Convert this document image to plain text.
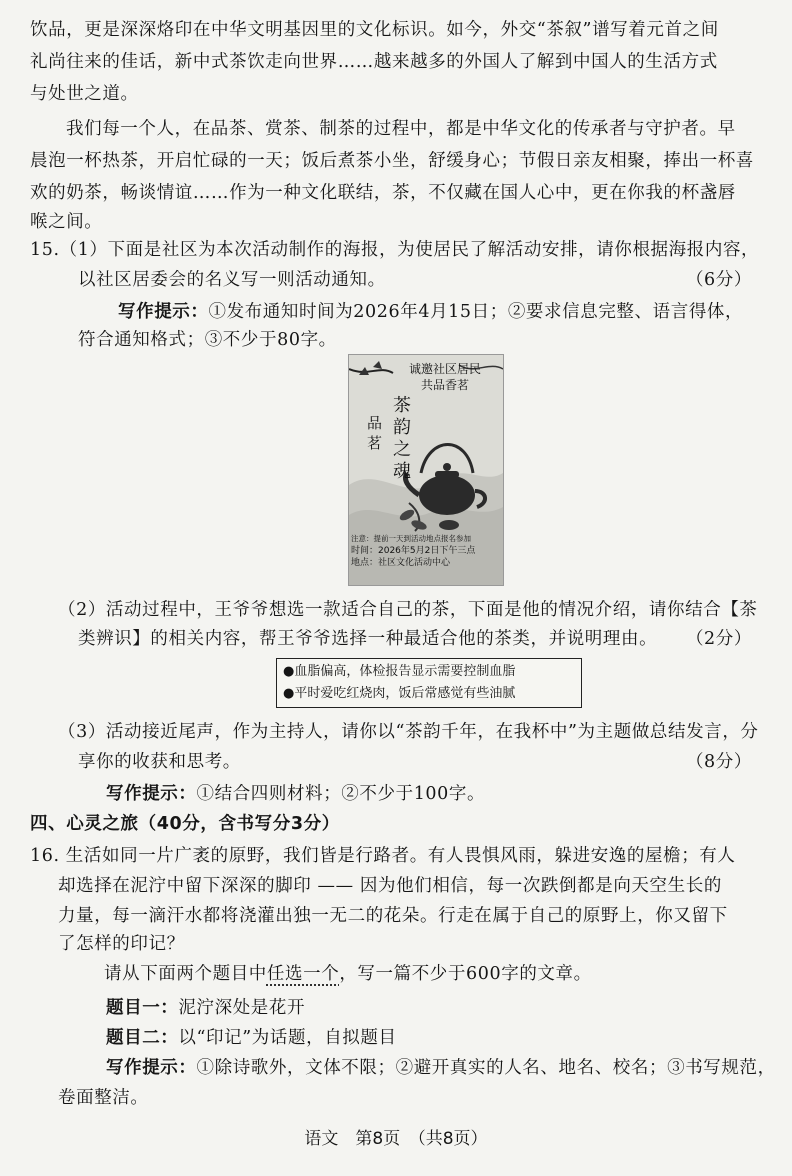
饮品，更是深深烙印在中华文明基因里的文化标识。如今，外交“茶叙”谱写着元首之间

礼尚往来的佳话，新中式茶饮走向世界……越来越多的外国人了解到中国人的生活方式

与处世之道。

我们每一个人，在品茶、赏茶、制茶的过程中，都是中华文化的传承者与守护者。早

晨泡一杯热茶，开启忙碌的一天；饭后煮茶小坐，舒缓身心；节假日亲友相聚，捧出一杯喜

欢的奶茶，畅谈情谊……作为一种文化联结，茶，不仅藏在国人心中，更在你我的杯盏唇

喉之间。

15.（1）下面是社区为本次活动制作的海报，为使居民了解活动安排，请你根据海报内容，

以社区居委会的名义写一则活动通知。	（6分）

写作提示：①发布通知时间为2026年4月15日；②要求信息完整、语言得体，

符合通知格式；③不少于80字。

诚邀社区居民
共品香茗
茶韵之魂
品茗
注意：提前一天到活动地点报名参加
时间：2026年5月2日下午三点
地点：社区文化活动中心

（2）活动过程中，王爷爷想选一款适合自己的茶，下面是他的情况介绍，请你结合【茶

类辨识】的相关内容，帮王爷爷选择一种最适合他的茶类，并说明理由。 （2分）

●血脂偏高，体检报告显示需要控制血脂
●平时爱吃红烧肉，饭后常感觉有些油腻

（3）活动接近尾声，作为主持人，请你以“茶韵千年，在我杯中”为主题做总结发言，分

享你的收获和思考。	（8分）

写作提示：①结合四则材料；②不少于100字。

四、心灵之旅（40分，含书写分3分）

16. 生活如同一片广袤的原野，我们皆是行路者。有人畏惧风雨，躲进安逸的屋檐；有人

却选择在泥泞中留下深深的脚印 —— 因为他们相信，每一次跌倒都是向天空生长的

力量，每一滴汗水都将浇灌出独一无二的花朵。行走在属于自己的原野上，你又留下

了怎样的印记？

请从下面两个题目中任选一个，写一篇不少于600字的文章。

题目一：泥泞深处是花开

题目二：以“印记”为话题，自拟题目

写作提示：①除诗歌外，文体不限；②避开真实的人名、地名、校名；③书写规范，

卷面整洁。

语文　第8页　（共8页）
